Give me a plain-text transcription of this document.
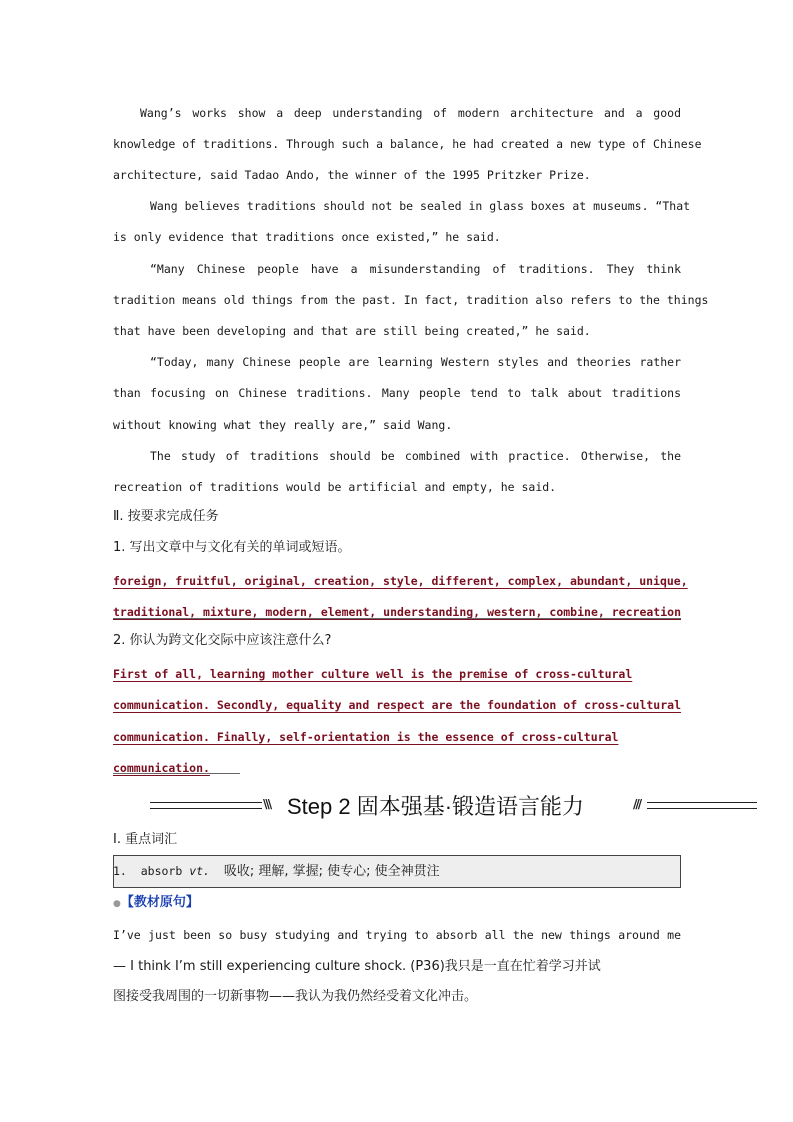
Wang’s works show a deep understanding of modern architecture and a good
knowledge of traditions. Through such a balance, he had created a new type of Chinese
architecture, said Tadao Ando, the winner of the 1995 Pritzker Prize.
Wang believes traditions should not be sealed in glass boxes at museums. “That
is only evidence that traditions once existed,” he said.
“Many Chinese people have a misunderstanding of traditions. They think
tradition means old things from the past. In fact, tradition also refers to the things
that have been developing and that are still being created,” he said.
“Today, many Chinese people are learning Western styles and theories rather
than focusing on Chinese traditions. Many people tend to talk about traditions
without knowing what they really are,” said Wang.
The study of traditions should be combined with practice. Otherwise, the
recreation of traditions would be artificial and empty, he said.
Ⅱ. 按要求完成任务
1. 写出文章中与文化有关的单词或短语。
foreign, fruitful, original, creation, style, different, complex, abundant, unique,
traditional, mixture, modern, element, understanding, western, combine, recreation
2. 你认为跨文化交际中应该注意什么?
First of all, learning mother culture well is the premise of cross-cultural
communication. Secondly, equality and respect are the foundation of cross-cultural
communication. Finally, self-orientation is the essence of cross-cultural
communication.
\\\ Step 2 固本强基·锻造语言能力	///
Ⅰ. 重点词汇
1. absorb vt. 吸收; 理解, 掌握; 使专心; 使全神贯注
●【教材原句】
I’ve just been so busy studying and trying to absorb all the new things around me
— I think I’m still experiencing culture shock. (P36)我只是一直在忙着学习并试
图接受我周围的一切新事物——我认为我仍然经受着文化冲击。
